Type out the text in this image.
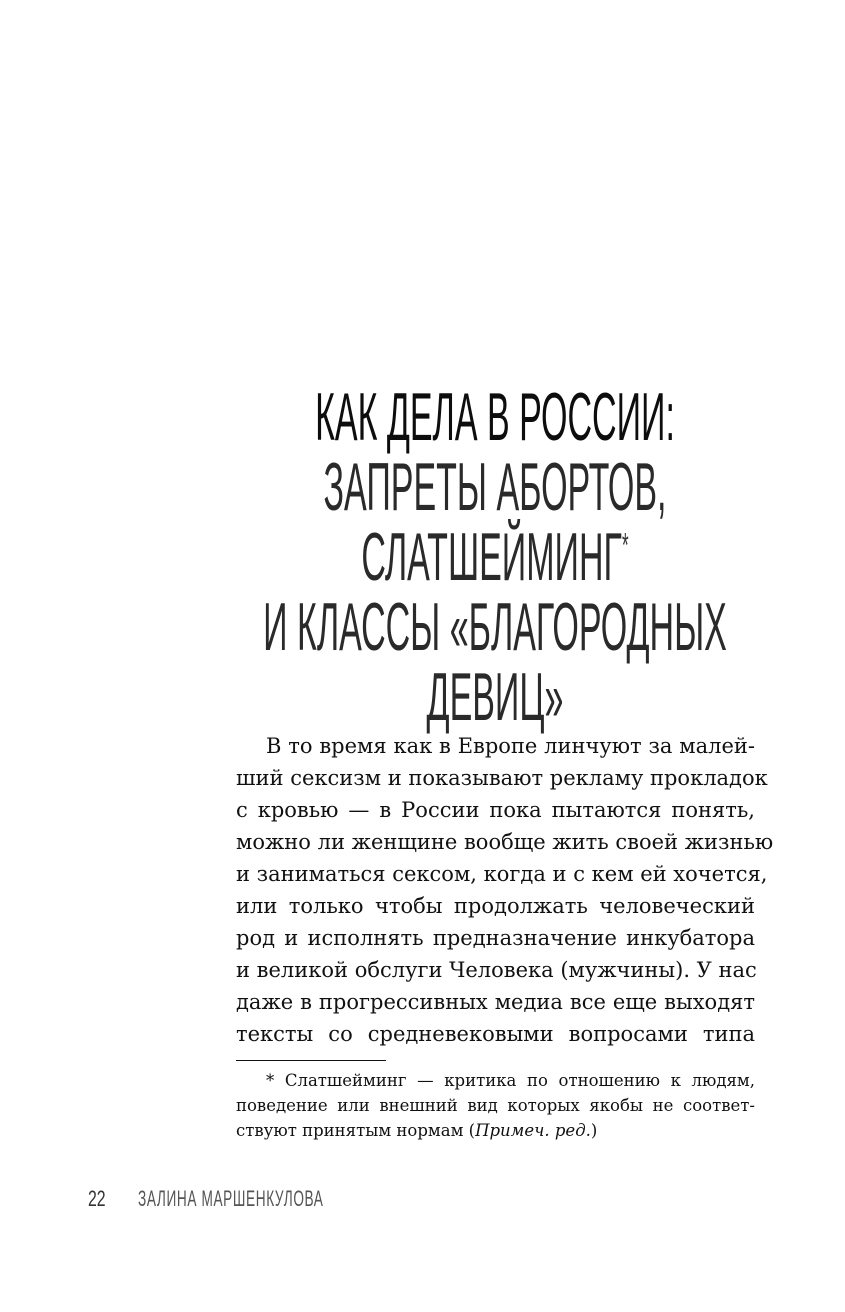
КАК ДЕЛА В РОССИИ:
ЗАПРЕТЫ АБОРТОВ,
СЛАТШЕЙМИНГ*
И КЛАССЫ «БЛАГОРОДНЫХ
ДЕВИЦ»
В то время как в Европе линчуют за малей-
ший сексизм и показывают рекламу прокладок
с кровью — в России пока пытаются понять,
можно ли женщине вообще жить своей жизнью
и заниматься сексом, когда и с кем ей хочется,
или только чтобы продолжать человеческий
род и исполнять предназначение инкубатора
и великой обслуги Человека (мужчины). У нас
даже в прогрессивных медиа все еще выходят
тексты со средневековыми вопросами типа
* Слатшейминг — критика по отношению к людям,
поведение или внешний вид которых якобы не соответ-
ствуют принятым нормам (Примеч. ред.)
22 ЗАЛИНА МАРШЕНКУЛОВА
